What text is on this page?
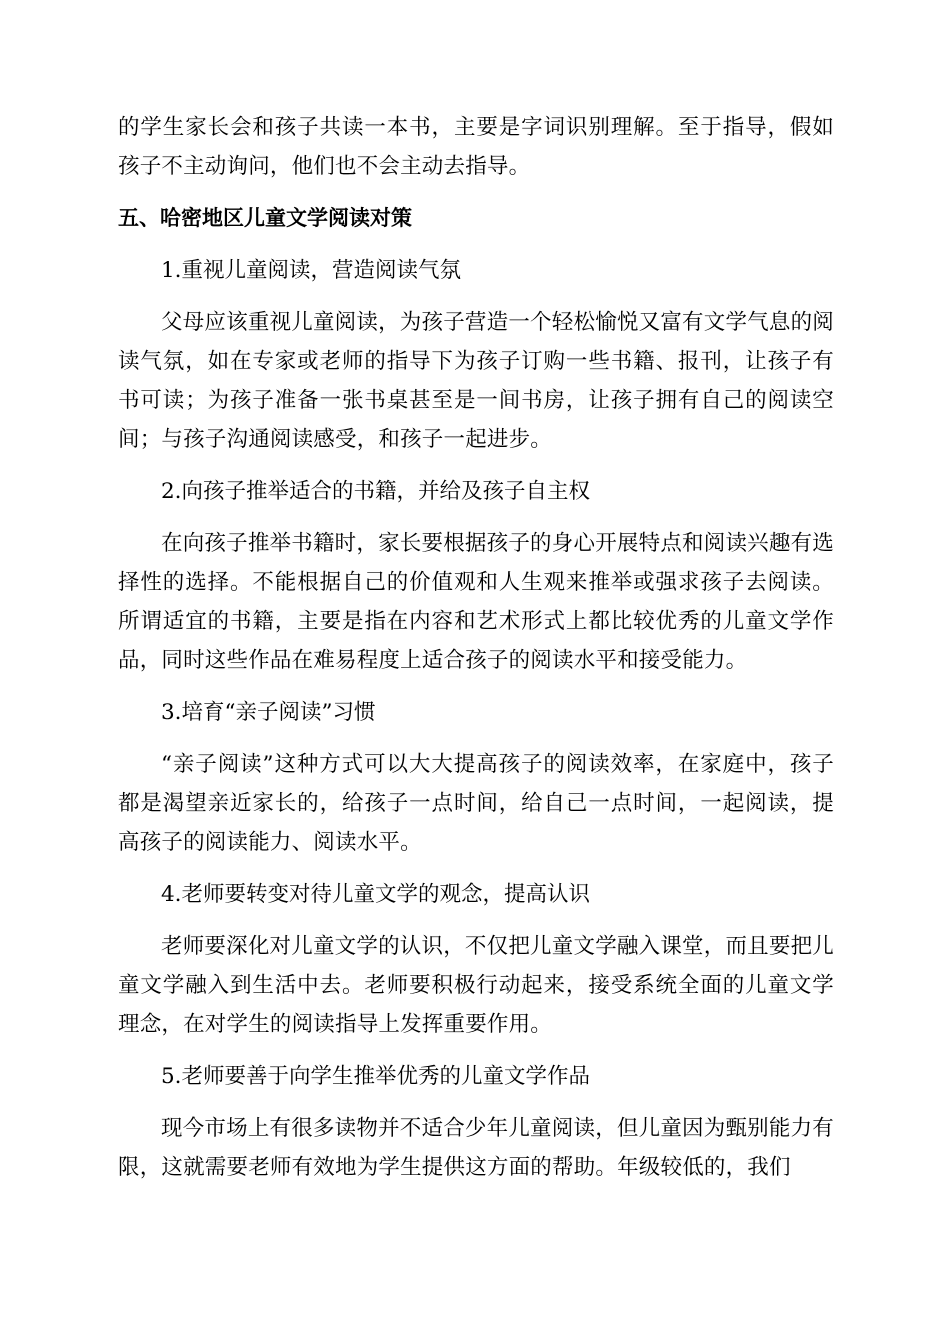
的学生家长会和孩子共读一本书，主要是字词识别理解。至于指导，假如孩子不主动询问，他们也不会主动去指导。

五、哈密地区儿童文学阅读对策

1.重视儿童阅读，营造阅读气氛

父母应该重视儿童阅读，为孩子营造一个轻松愉悦又富有文学气息的阅读气氛，如在专家或老师的指导下为孩子订购一些书籍、报刊，让孩子有书可读；为孩子准备一张书桌甚至是一间书房，让孩子拥有自己的阅读空间；与孩子沟通阅读感受，和孩子一起进步。

2.向孩子推举适合的书籍，并给及孩子自主权

在向孩子推举书籍时，家长要根据孩子的身心开展特点和阅读兴趣有选择性的选择。不能根据自己的价值观和人生观来推举或强求孩子去阅读。所谓适宜的书籍，主要是指在内容和艺术形式上都比较优秀的儿童文学作品，同时这些作品在难易程度上适合孩子的阅读水平和接受能力。

3.培育“亲子阅读”习惯

“亲子阅读”这种方式可以大大提高孩子的阅读效率，在家庭中，孩子都是渴望亲近家长的，给孩子一点时间，给自己一点时间，一起阅读，提高孩子的阅读能力、阅读水平。

4.老师要转变对待儿童文学的观念，提高认识

老师要深化对儿童文学的认识，不仅把儿童文学融入课堂，而且要把儿童文学融入到生活中去。老师要积极行动起来，接受系统全面的儿童文学理念，在对学生的阅读指导上发挥重要作用。

5.老师要善于向学生推举优秀的儿童文学作品

现今市场上有很多读物并不适合少年儿童阅读，但儿童因为甄别能力有限，这就需要老师有效地为学生提供这方面的帮助。年级较低的，我们
